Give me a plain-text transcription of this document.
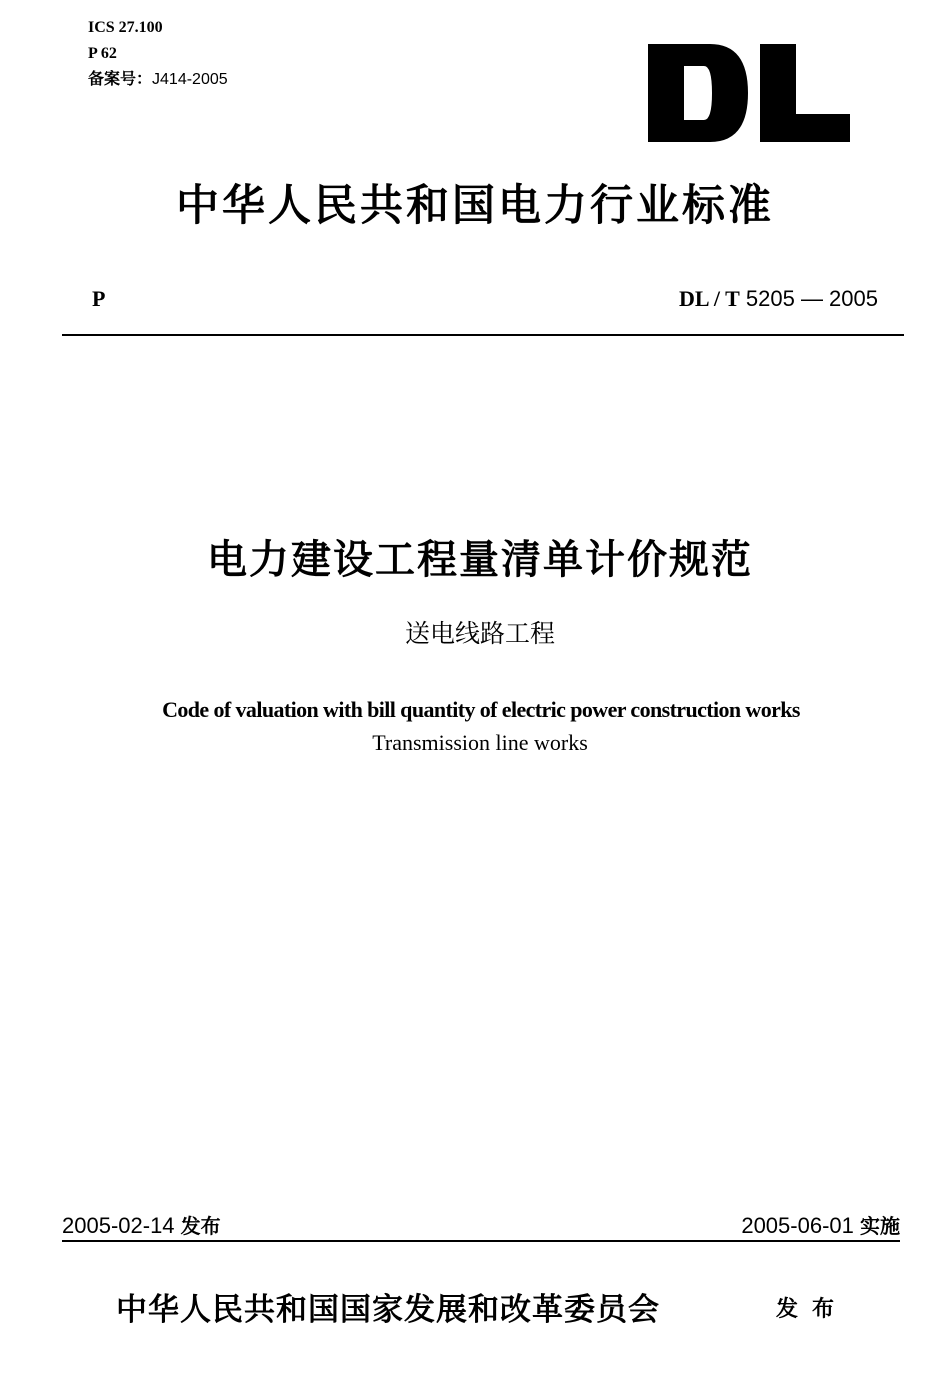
ICS 27.100
P 62
备案号：J414-2005
中华人民共和国电力行业标准
P	DL / T 5205 — 2005
电力建设工程量清单计价规范
送电线路工程
Code of valuation with bill quantity of electric power construction works
Transmission line works
2005-02-14 发布	2005-06-01 实施
中华人民共和国国家发展和改革委员会	发布
